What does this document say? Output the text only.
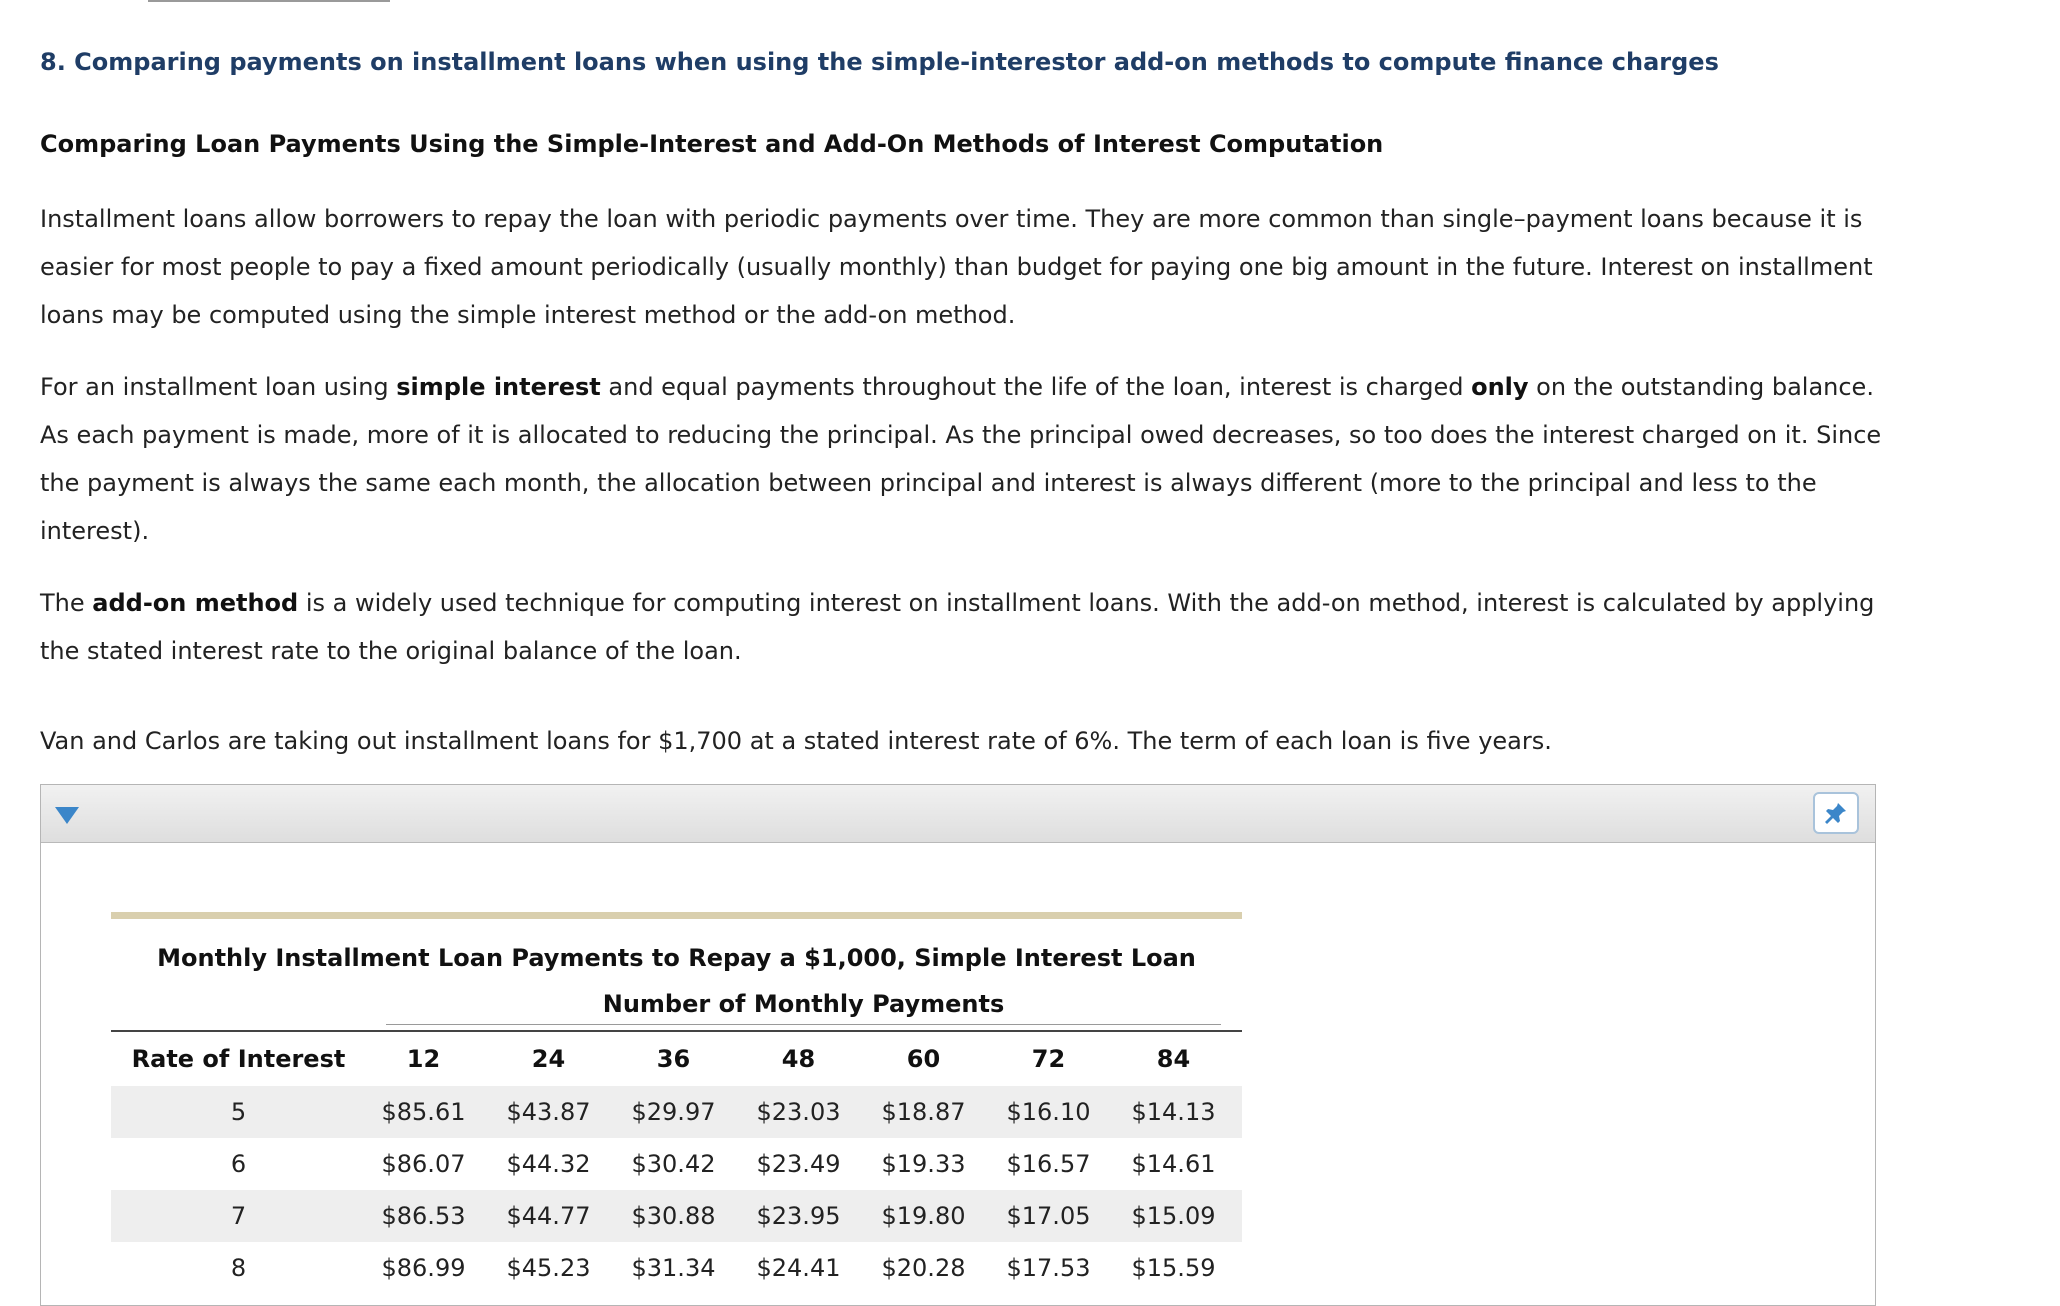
8. Comparing payments on installment loans when using the simple-interestor add-on methods to compute finance charges
Comparing Loan Payments Using the Simple-Interest and Add-On Methods of Interest Computation

Installment loans allow borrowers to repay the loan with periodic payments over time. They are more common than single–payment loans because it is easier for most people to pay a fixed amount periodically (usually monthly) than budget for paying one big amount in the future. Interest on installment loans may be computed using the simple interest method or the add-on method.

For an installment loan using simple interest and equal payments throughout the life of the loan, interest is charged only on the outstanding balance. As each payment is made, more of it is allocated to reducing the principal. As the principal owed decreases, so too does the interest charged on it. Since the payment is always the same each month, the allocation between principal and interest is always different (more to the principal and less to the interest).

The add-on method is a widely used technique for computing interest on installment loans. With the add-on method, interest is calculated by applying the stated interest rate to the original balance of the loan.

Van and Carlos are taking out installment loans for $1,700 at a stated interest rate of 6%. The term of each loan is five years.

Monthly Installment Loan Payments to Repay a $1,000, Simple Interest Loan
Number of Monthly Payments
Rate of Interest	12	24	36	48	60	72	84
5	$85.61	$43.87	$29.97	$23.03	$18.87	$16.10	$14.13
6	$86.07	$44.32	$30.42	$23.49	$19.33	$16.57	$14.61
7	$86.53	$44.77	$30.88	$23.95	$19.80	$17.05	$15.09
8	$86.99	$45.23	$31.34	$24.41	$20.28	$17.53	$15.59
